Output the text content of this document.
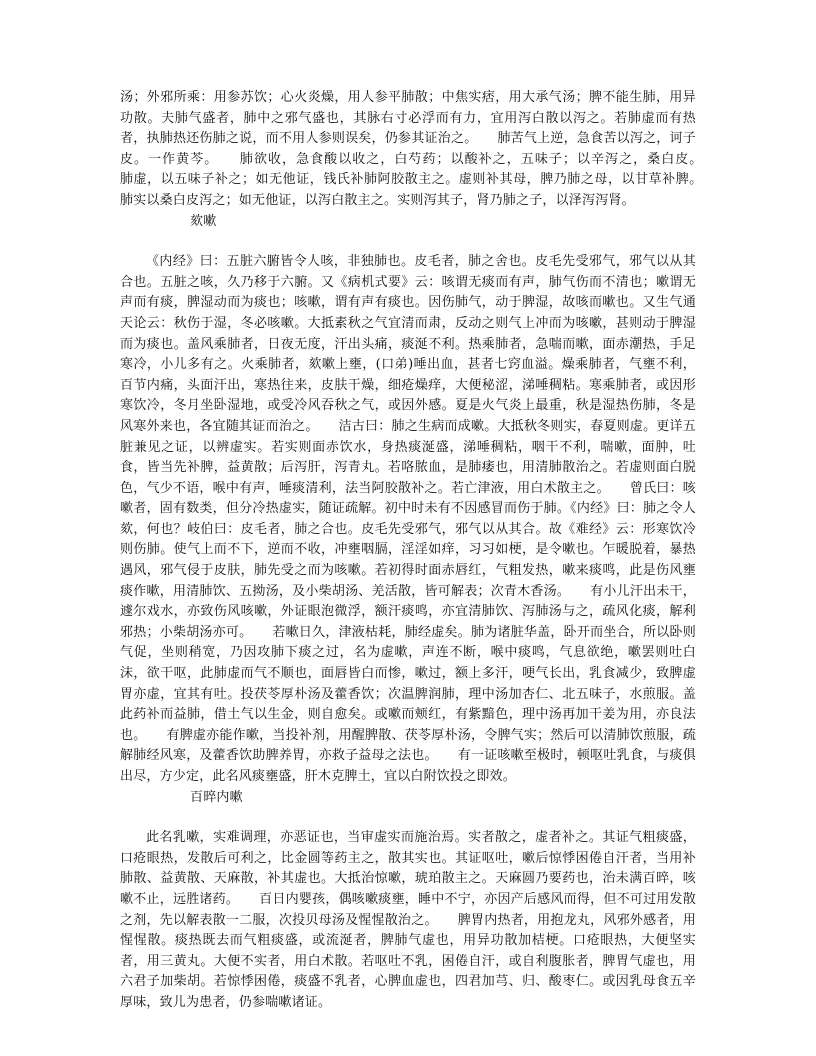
汤；外邪所乘：用参苏饮；心火炎燥，用人参平肺散；中焦实痞，用大承气汤；脾不能生肺，用异功散。夫肺气盛者，肺中之邪气盛也，其脉右寸必浮而有力，宜用泻白散以泻之。若肺虚而有热者，执肺热还伤肺之说，而不用人参则误矣，仍参其证治之。　　肺苦气上逆，急食苦以泻之，诃子皮。一作黄芩。　　肺欲收，急食酸以收之，白芍药；以酸补之，五味子；以辛泻之，桑白皮。　　肺虚，以五味子补之；如无他证，钱氏补肺阿胶散主之。虚则补其母，脾乃肺之母，以甘草补脾。　　肺实以桑白皮泻之；如无他证，以泻白散主之。实则泻其子，肾乃肺之子，以泽泻泻肾。

欬嗽

《内经》曰：五脏六腑皆令人咳，非独肺也。皮毛者，肺之舍也。皮毛先受邪气，邪气以从其合也。五脏之咳，久乃移于六腑。又《病机式要》云：咳谓无痰而有声，肺气伤而不清也；嗽谓无声而有痰，脾湿动而为痰也；咳嗽，谓有声有痰也。因伤肺气，动于脾湿，故咳而嗽也。又生气通天论云：秋伤于湿，冬必咳嗽。大抵素秋之气宜清而肃，反动之则气上冲而为咳嗽，甚则动于脾湿而为痰也。盖风乘肺者，日夜无度，汗出头痛，痰涎不利。热乘肺者，急喘而嗽，面赤潮热，手足寒冷，小儿多有之。火乘肺者，欬嗽上壅，(口弟)唾出血，甚者七窍血溢。燥乘肺者，气壅不利，百节内痛，头面汗出，寒热往来，皮肤干燥，细疮燥痒，大便秘涩，涕唾稠粘。寒乘肺者，或因形寒饮冷，冬月坐卧湿地，或受冷风吞秋之气，或因外感。夏是火气炎上最重，秋是湿热伤肺，冬是风寒外来也，各宜随其证而治之。　　洁古曰：肺之生病而成嗽。大抵秋冬则实，春夏则虚。更详五脏兼见之证，以辨虚实。若实则面赤饮水，身热痰涎盛，涕唾稠粘，咽干不利，喘嗽，面肿，吐食，皆当先补脾，益黄散；后泻肝，泻青丸。若咯脓血，是肺痿也，用清肺散治之。若虚则面白脱色，气少不语，喉中有声，唾痰清利，法当阿胶散补之。若亡津液，用白术散主之。　　曾氏曰：咳嗽者，固有数类，但分冷热虚实，随证疏解。初中时未有不因感冒而伤于肺。《内经》曰：肺之令人欬，何也？岐伯曰：皮毛者，肺之合也。皮毛先受邪气，邪气以从其合。故《难经》云：形寒饮冷则伤肺。使气上而不下，逆而不收，冲壅咽膈，淫淫如痒，习习如梗，是令嗽也。乍暖脱着，暴热遇风，邪气侵于皮肤，肺先受之而为咳嗽。若初得时面赤唇红，气粗发热，嗽来痰鸣，此是伤风壅痰作嗽，用清肺饮、五拗汤，及小柴胡汤、羌活散，皆可解表；次青木香汤。　　有小儿汗出未干，遽尔戏水，亦致伤风咳嗽，外证眼泡微浮，额汗痰鸣，亦宜清肺饮、泻肺汤与之，疏风化痰，解利邪热；小柴胡汤亦可。　　若嗽日久，津液枯耗，肺经虚矣。肺为诸脏华盖，卧开而坐合，所以卧则气促，坐则稍宽，乃因攻肺下痰之过，名为虚嗽，声连不断，喉中痰鸣，气息欲绝，嗽罢则吐白沫，欲干呕，此肺虚而气不顺也，面唇皆白而惨，嗽过，额上多汗，哽气长出，乳食减少，致脾虚胃亦虚，宜其有吐。投茯苓厚朴汤及藿香饮；次温脾润肺，理中汤加杏仁、北五味子，水煎服。盖此药补而益肺，借土气以生金，则自愈矣。或嗽而颊红，有紫黯色，理中汤再加干姜为用，亦良法也。　　有脾虚亦能作嗽，当投补剂，用醒脾散、茯苓厚朴汤，令脾气实；然后可以清肺饮煎服，疏解肺经风寒，及藿香饮助脾养胃，亦救子益母之法也。　　有一证咳嗽至极时，顿呕吐乳食，与痰俱出尽，方少定，此名风痰壅盛，肝木克脾土，宜以白附饮投之即效。

百晬内嗽

此名乳嗽，实难调理，亦恶证也，当审虚实而施治焉。实者散之，虚者补之。其证气粗痰盛，口疮眼热，发散后可利之，比金圆等药主之，散其实也。其证呕吐，嗽后惊悸困倦自汗者，当用补肺散、益黄散、天麻散，补其虚也。大抵治惊嗽，琥珀散主之。天麻圆乃要药也，治未满百晬，咳嗽不止，远胜诸药。　　百日内婴孩，偶咳嗽痰壅，睡中不宁，亦因产后感风而得，但不可过用发散之剂，先以解表散一二服，次投贝母汤及惺惺散治之。　　脾胃内热者，用抱龙丸，风邪外感者，用惺惺散。痰热既去而气粗痰盛，或流涎者，脾肺气虚也，用异功散加桔梗。口疮眼热，大便坚实者，用三黄丸。大便不实者，用白术散。若呕吐不乳，困倦自汗，或自利腹胀者，脾胃气虚也，用六君子加柴胡。若惊悸困倦，痰盛不乳者，心脾血虚也，四君加芎、归、酸枣仁。或因乳母食五辛厚味，致儿为患者，仍参喘嗽诸证。
